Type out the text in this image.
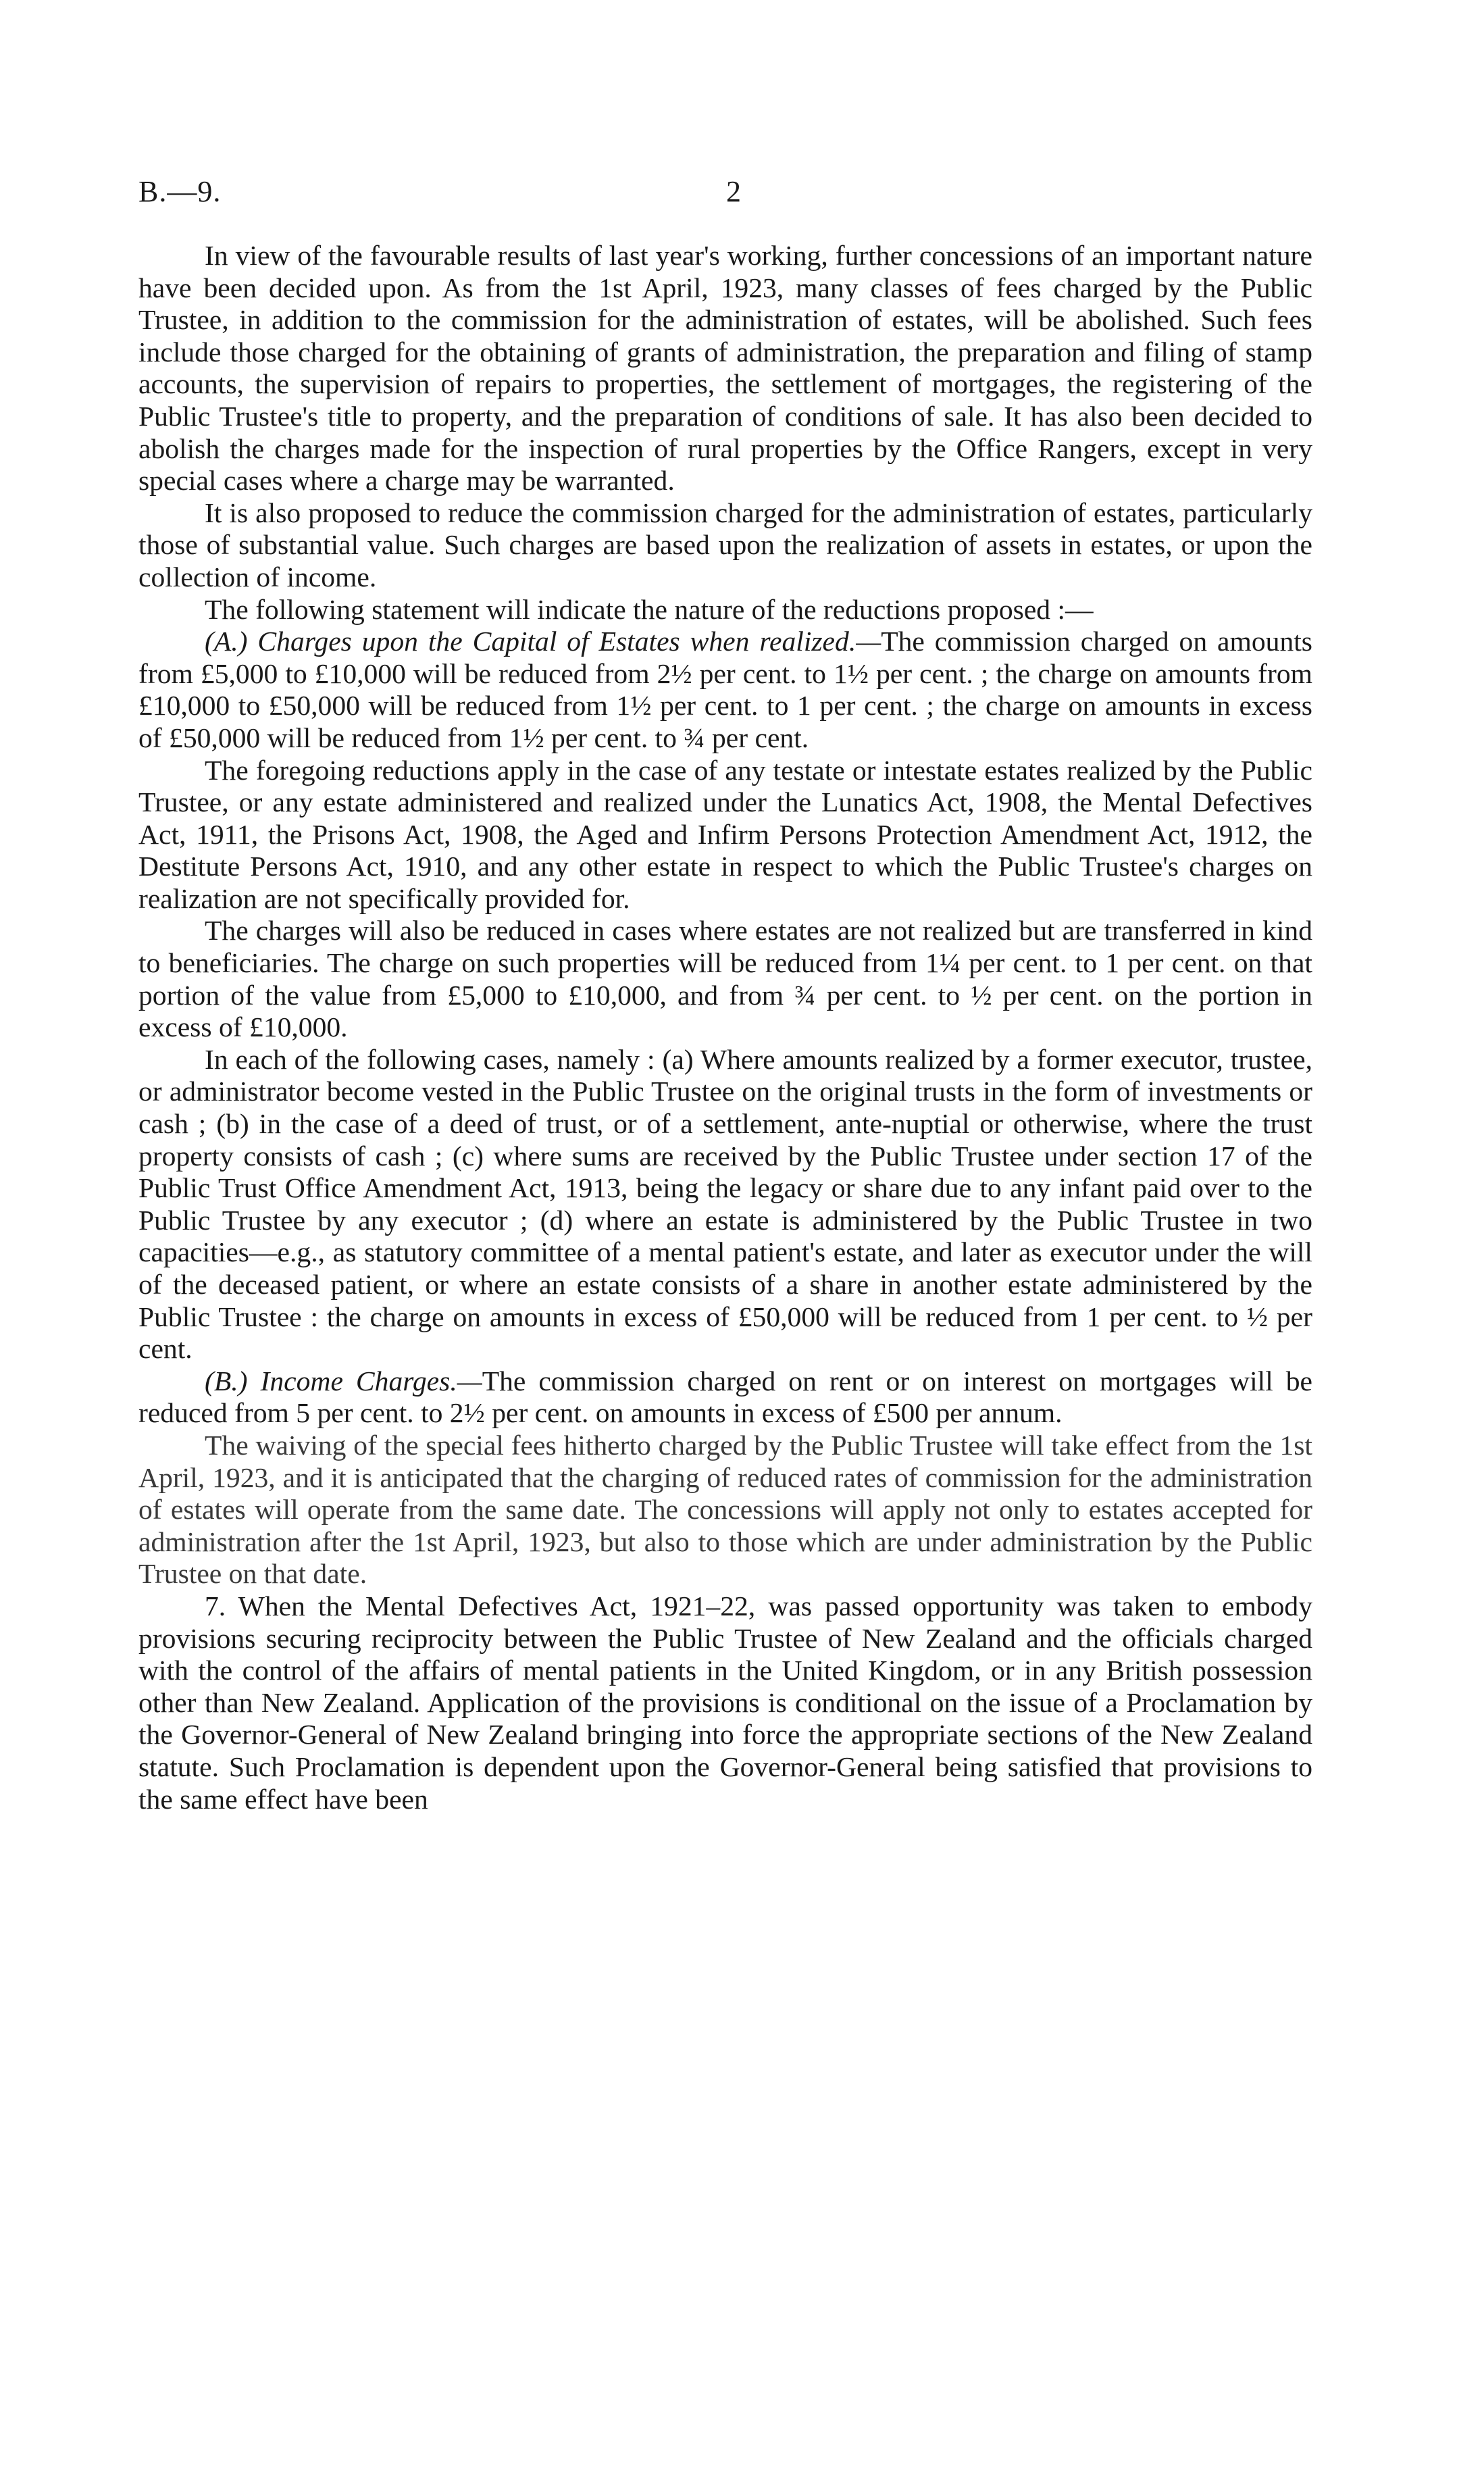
B.—9.	2

In view of the favourable results of last year's working, further concessions of an important nature have been decided upon. As from the 1st April, 1923, many classes of fees charged by the Public Trustee, in addition to the commission for the administration of estates, will be abolished. Such fees include those charged for the obtaining of grants of administration, the preparation and filing of stamp accounts, the supervision of repairs to properties, the settlement of mortgages, the registering of the Public Trustee's title to property, and the preparation of conditions of sale. It has also been decided to abolish the charges made for the inspection of rural properties by the Office Rangers, except in very special cases where a charge may be warranted.

It is also proposed to reduce the commission charged for the administration of estates, particularly those of substantial value. Such charges are based upon the realization of assets in estates, or upon the collection of income.

The following statement will indicate the nature of the reductions proposed :—

(A.) Charges upon the Capital of Estates when realized.—The commission charged on amounts from £5,000 to £10,000 will be reduced from 2½ per cent. to 1½ per cent. ; the charge on amounts from £10,000 to £50,000 will be reduced from 1½ per cent. to 1 per cent. ; the charge on amounts in excess of £50,000 will be reduced from 1½ per cent. to ¾ per cent.

The foregoing reductions apply in the case of any testate or intestate estates realized by the Public Trustee, or any estate administered and realized under the Lunatics Act, 1908, the Mental Defectives Act, 1911, the Prisons Act, 1908, the Aged and Infirm Persons Protection Amendment Act, 1912, the Destitute Persons Act, 1910, and any other estate in respect to which the Public Trustee's charges on realization are not specifically provided for.

The charges will also be reduced in cases where estates are not realized but are transferred in kind to beneficiaries. The charge on such properties will be reduced from 1¼ per cent. to 1 per cent. on that portion of the value from £5,000 to £10,000, and from ¾ per cent. to ½ per cent. on the portion in excess of £10,000.

In each of the following cases, namely : (a) Where amounts realized by a former executor, trustee, or administrator become vested in the Public Trustee on the original trusts in the form of investments or cash ; (b) in the case of a deed of trust, or of a settlement, ante-nuptial or otherwise, where the trust property consists of cash ; (c) where sums are received by the Public Trustee under section 17 of the Public Trust Office Amendment Act, 1913, being the legacy or share due to any infant paid over to the Public Trustee by any executor ; (d) where an estate is administered by the Public Trustee in two capacities—e.g., as statutory committee of a mental patient's estate, and later as executor under the will of the deceased patient, or where an estate consists of a share in another estate administered by the Public Trustee : the charge on amounts in excess of £50,000 will be reduced from 1 per cent. to ½ per cent.

(B.) Income Charges.—The commission charged on rent or on interest on mortgages will be reduced from 5 per cent. to 2½ per cent. on amounts in excess of £500 per annum.

The waiving of the special fees hitherto charged by the Public Trustee will take effect from the 1st April, 1923, and it is anticipated that the charging of reduced rates of commission for the administration of estates will operate from the same date. The concessions will apply not only to estates accepted for administration after the 1st April, 1923, but also to those which are under administration by the Public Trustee on that date.

7. When the Mental Defectives Act, 1921–22, was passed opportunity was taken to embody provisions securing reciprocity between the Public Trustee of New Zealand and the officials charged with the control of the affairs of mental patients in the United Kingdom, or in any British possession other than New Zealand. Application of the provisions is conditional on the issue of a Proclamation by the Governor-General of New Zealand bringing into force the appropriate sections of the New Zealand statute. Such Proclamation is dependent upon the Governor-General being satisfied that provisions to the same effect have been
